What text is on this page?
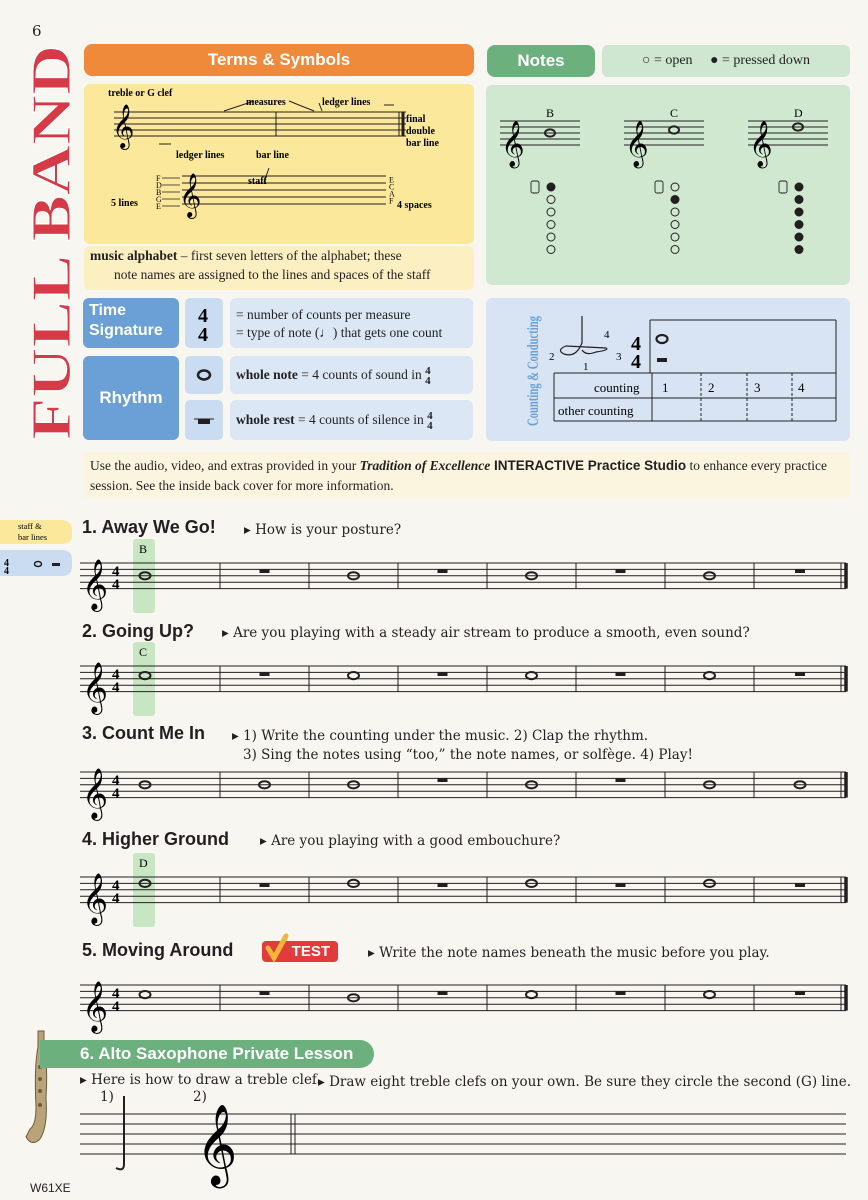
6
FULL BAND
Terms & Symbols
𝄞
𝄞
treble or G clef
measures	ledger lines
final
double
bar line
ledger lines	bar line
staff
5 lines	4 spaces
F
D
B
G
E
E
C
A
F
music alphabet – first seven letters of the alphabet; these
note names are assigned to the lines and spaces of the staff
Notes	○ = open ● = pressed down
𝄞
B
𝄞
C
𝄞
D
Time Signature
4
4
= number of counts per measure
= type of note (♩) that gets one count
Rhythm
whole note = 4 counts of sound in 4
4
whole rest = 4 counts of silence in 4
4	Counting & Conducting	4
3
2
1
4
4
counting
other counting
1	2	3	4
Use the audio, video, and extras provided in your Tradition of Excellence INTERACTIVE Practice Studio to enhance every practice session. See the inside back cover for more information.
staff &
bar lines
4
4
1. Away We Go! ▸ How is your posture?
2. Going Up? ▸ Are you playing with a steady air stream to produce a smooth, even sound?
3. Count Me In ▸ 1) Write the counting under the music. 2) Clap the rhythm.
3) Sing the notes using “too,” the note names, or solfège. 4) Play!
4. Higher Ground ▸ Are you playing with a good embouchure?
5. Moving Around	TEST	▸ Write the note names beneath the music before you play.
B
𝄞 4
4
C
𝄞 4
4
𝄞 4
4
D
𝄞 4
4
𝄞 4
4
𝄞
6. Alto Saxophone Private Lesson
▸ Here is how to draw a treble clef.
▸ Draw eight treble clefs on your own. Be sure they circle the second (G) line.
1)	2)
W61XE
